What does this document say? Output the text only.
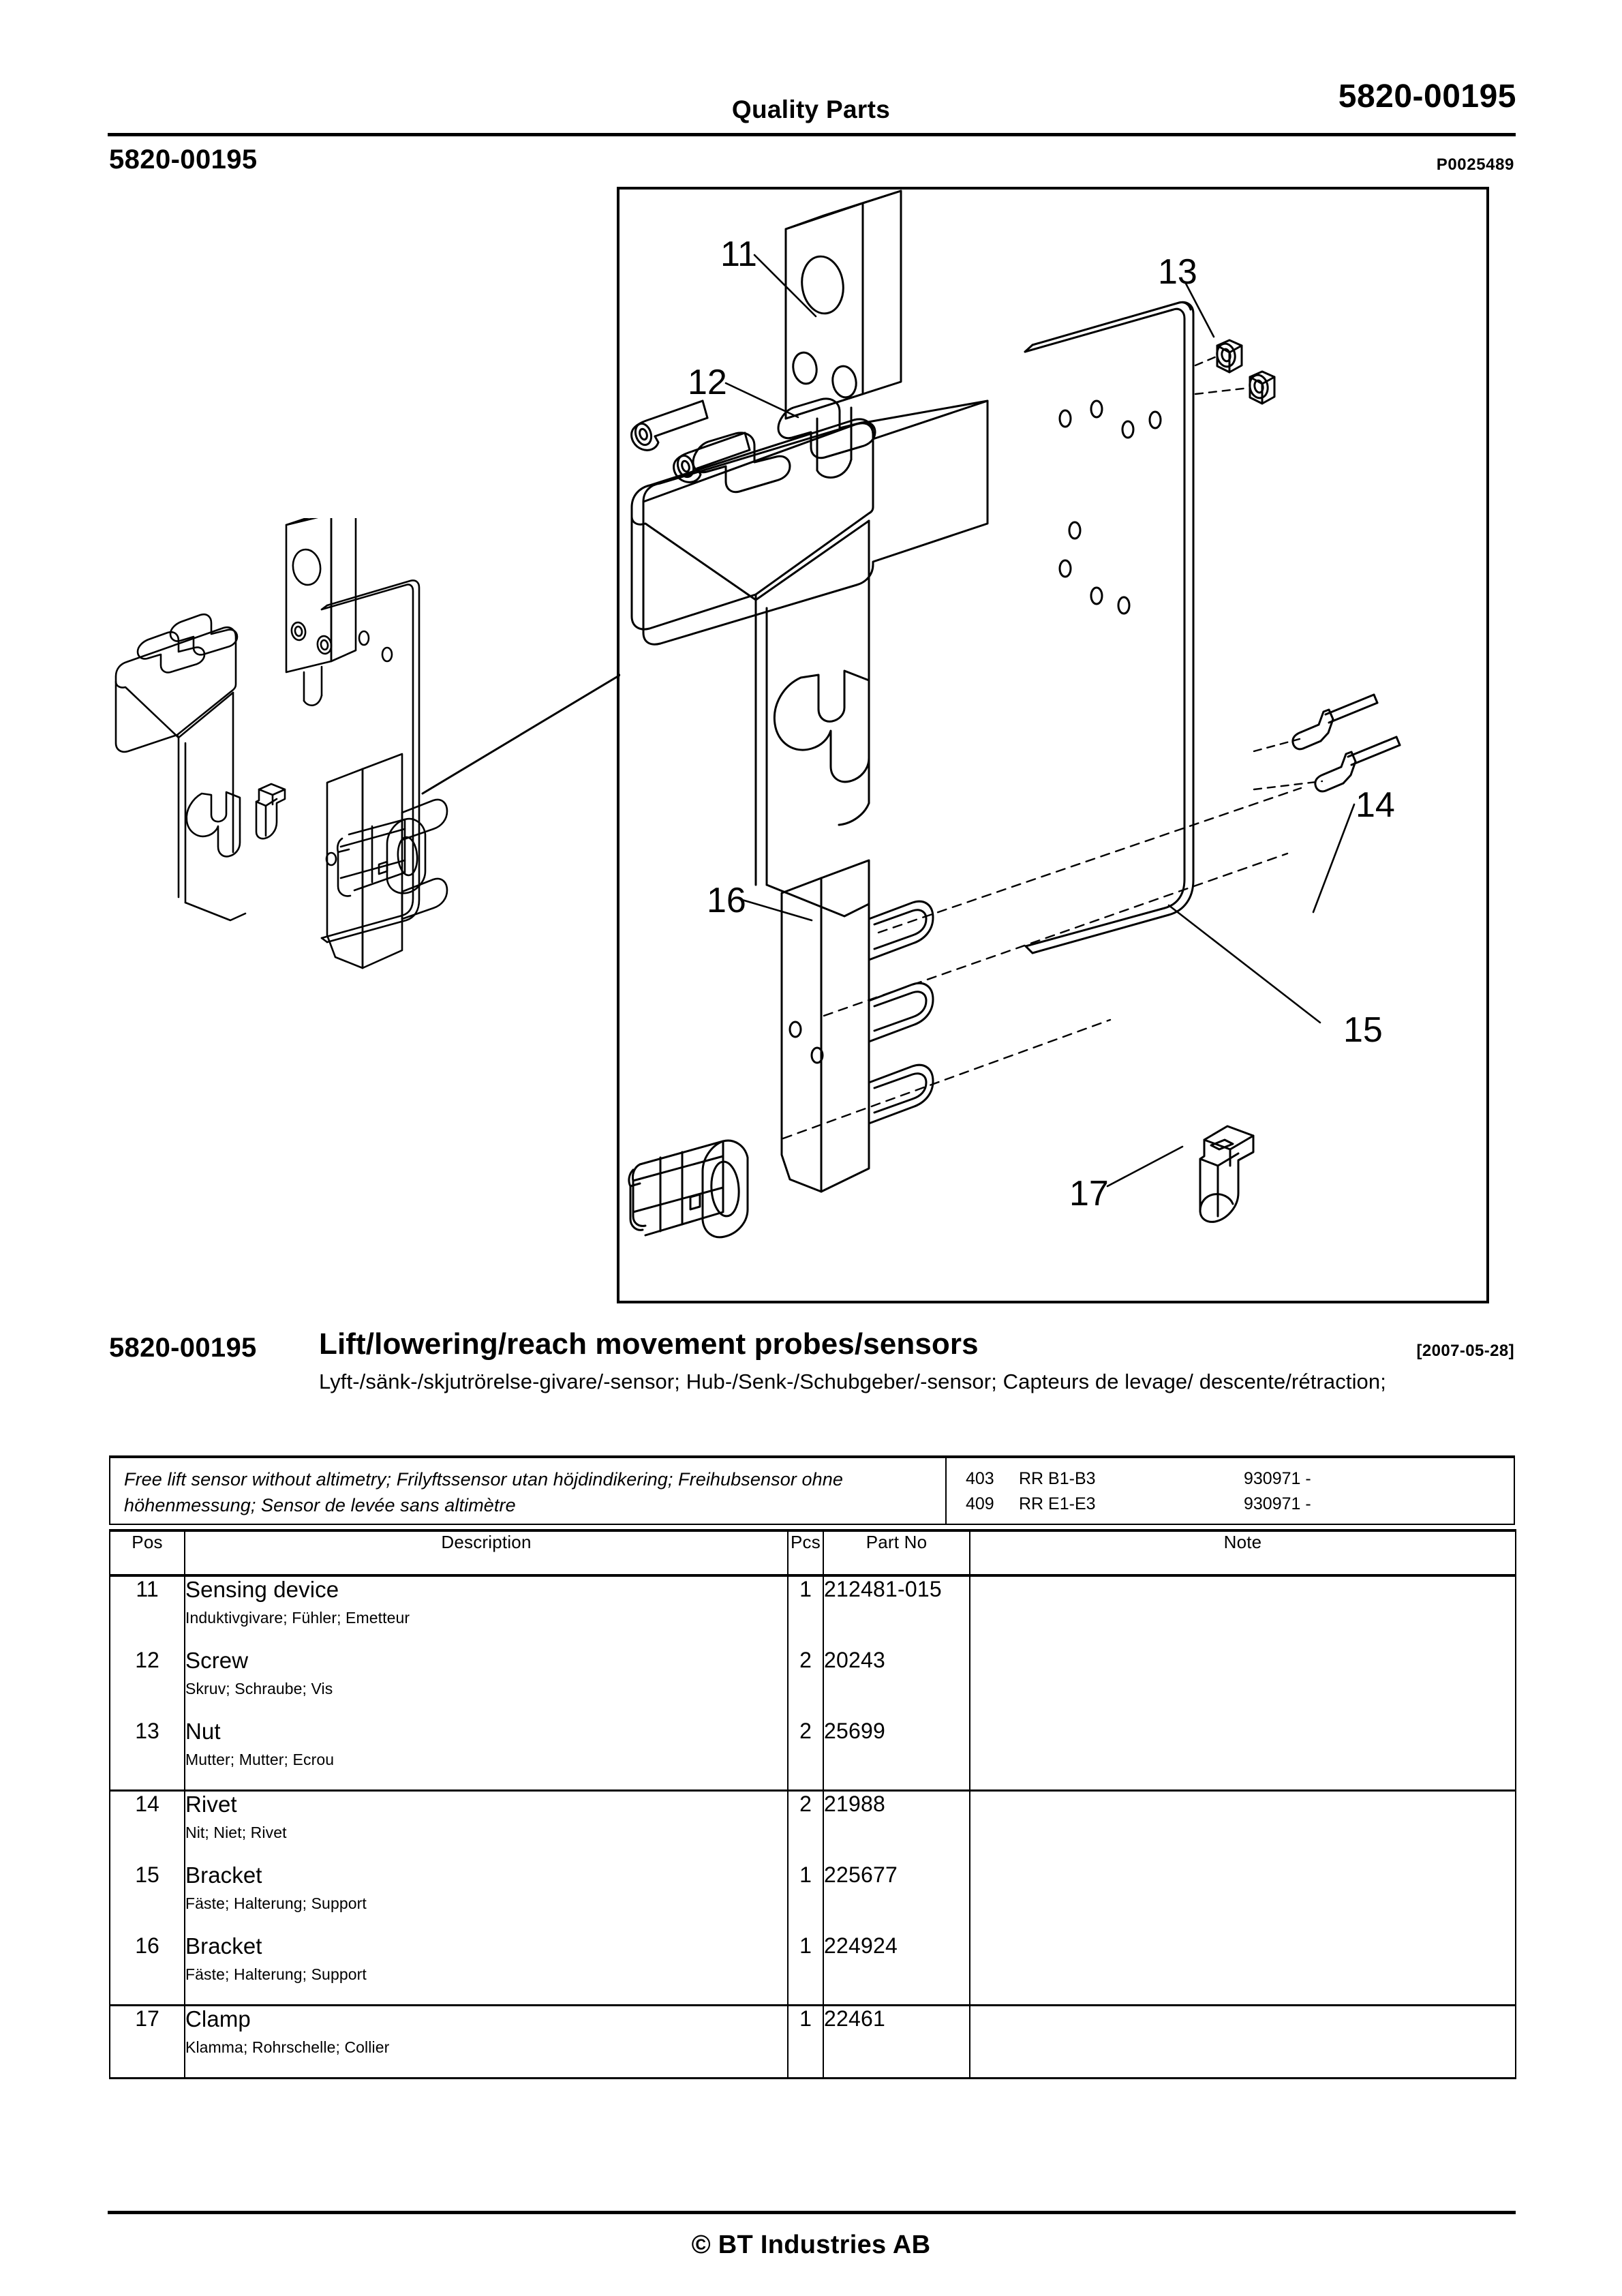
Quality Parts	5820-00195
5820-00195	P0025489
11
12
13
14
15
16
17
5820-00195 Lift/lowering/reach movement probes/sensors	[2007-05-28]
Lyft-/sänk-/skjutrörelse-givare/-sensor; Hub-/Senk-/Schubgeber/-sensor; Capteurs de levage/ descente/rétraction;
Free lift sensor without altimetry; Frilyftssensor utan höjdindikering; Freihubsensor ohne höhenmessung; Sensor de levée sans altimètre
403	RR B1-B3	930971 -
409	RR E1-E3	930971 -
Pos	Description	Pcs	Part No	Note
11	Sensing device
Induktivgivare; Fühler; Emetteur	1	212481-015	
12	Screw
Skruv; Schraube; Vis	2	20243	
13	Nut
Mutter; Mutter; Ecrou	2	25699	
14	Rivet
Nit; Niet; Rivet	2	21988	
15	Bracket
Fäste; Halterung; Support	1	225677	
16	Bracket
Fäste; Halterung; Support	1	224924	
17	Clamp
Klamma; Rohrschelle; Collier	1	22461	
© BT Industries AB
